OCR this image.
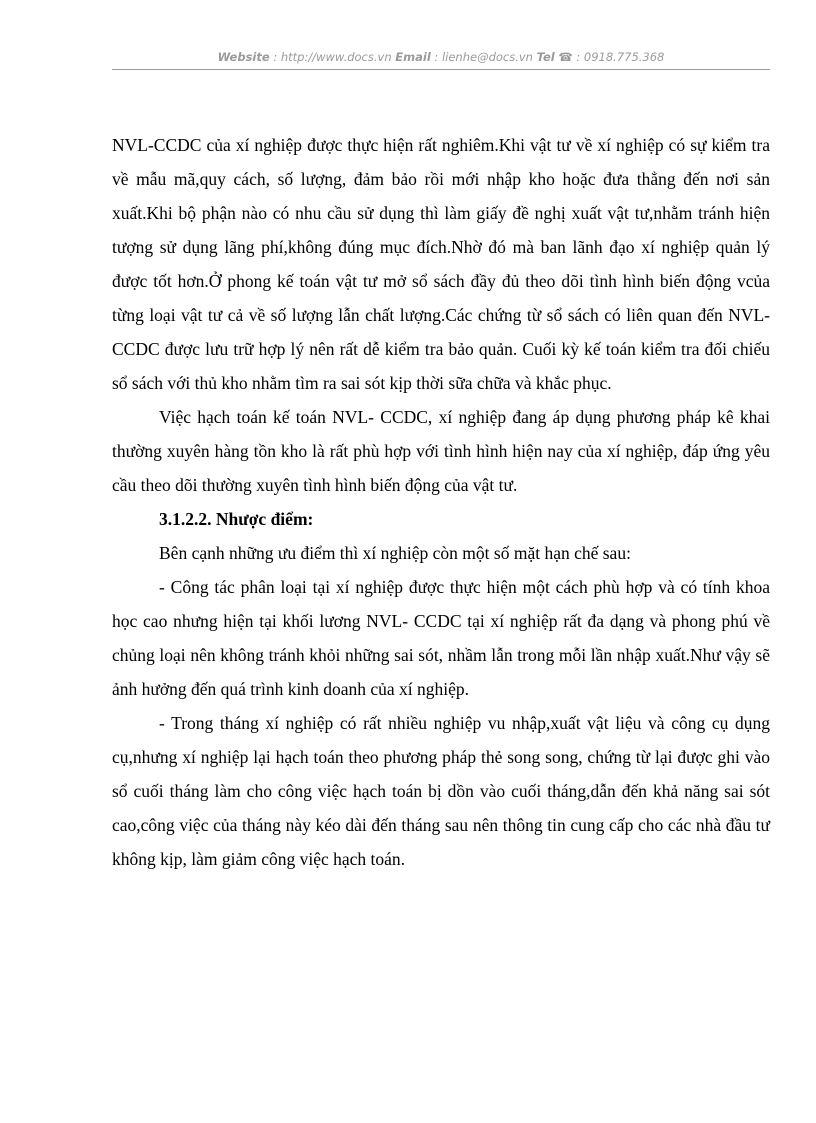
Website : http://www.docs.vn Email : lienhe@docs.vn Tel ☎ : 0918.775.368

NVL-CCDC của xí nghiệp được thực hiện rất nghiêm.Khi vật tư về xí nghiệp có sự kiểm tra về mẫu mã,quy cách, số lượng, đảm bảo rồi mới nhập kho hoặc đưa thẳng đến nơi sản xuất.Khi bộ phận nào có nhu cầu sử dụng thì làm giấy đề nghị xuất vật tư,nhằm tránh hiện tượng sử dụng lãng phí,không đúng mục đích.Nhờ đó mà ban lãnh đạo xí nghiệp quản lý được tốt hơn.Ở phong kế toán vật tư mở sổ sách đầy đủ theo dõi tình hình biến động vcủa từng loại vật tư cả về số lượng lẫn chất lượng.Các chứng từ sổ sách có liên quan đến NVL-CCDC được lưu trữ hợp lý nên rất dễ kiểm tra bảo quản. Cuối kỳ kế toán kiểm tra đối chiếu sổ sách với thủ kho nhằm tìm ra sai sót kịp thời sữa chữa và khắc phục.

Việc hạch toán kế toán NVL- CCDC, xí nghiệp đang áp dụng phương pháp kê khai thường xuyên hàng tồn kho là rất phù hợp với tình hình hiện nay của xí nghiệp, đáp ứng yêu cầu theo dõi thường xuyên tình hình biến động của vật tư.

3.1.2.2. Nhược điểm:

Bên cạnh những ưu điểm thì xí nghiệp còn một số mặt hạn chế sau:

- Công tác phân loại tại xí nghiệp được thực hiện một cách phù hợp và có tính khoa học cao nhưng hiện tại khối lương NVL- CCDC tại xí nghiệp rất đa dạng và phong phú về chủng loại nên không tránh khỏi những sai sót, nhầm lẫn trong mỗi lần nhập xuất.Như vậy sẽ ảnh hưởng đến quá trình kinh doanh của xí nghiệp.

- Trong tháng xí nghiệp có rất nhiều nghiệp vu nhập,xuất vật liệu và công cụ dụng cụ,nhưng xí nghiệp lại hạch toán theo phương pháp thẻ song song, chứng từ lại được ghi vào sổ cuối tháng làm cho công việc hạch toán bị dồn vào cuối tháng,dẫn đến khả năng sai sót cao,công việc của tháng này kéo dài đến tháng sau nên thông tin cung cấp cho các nhà đầu tư không kịp, làm giảm công việc hạch toán.
